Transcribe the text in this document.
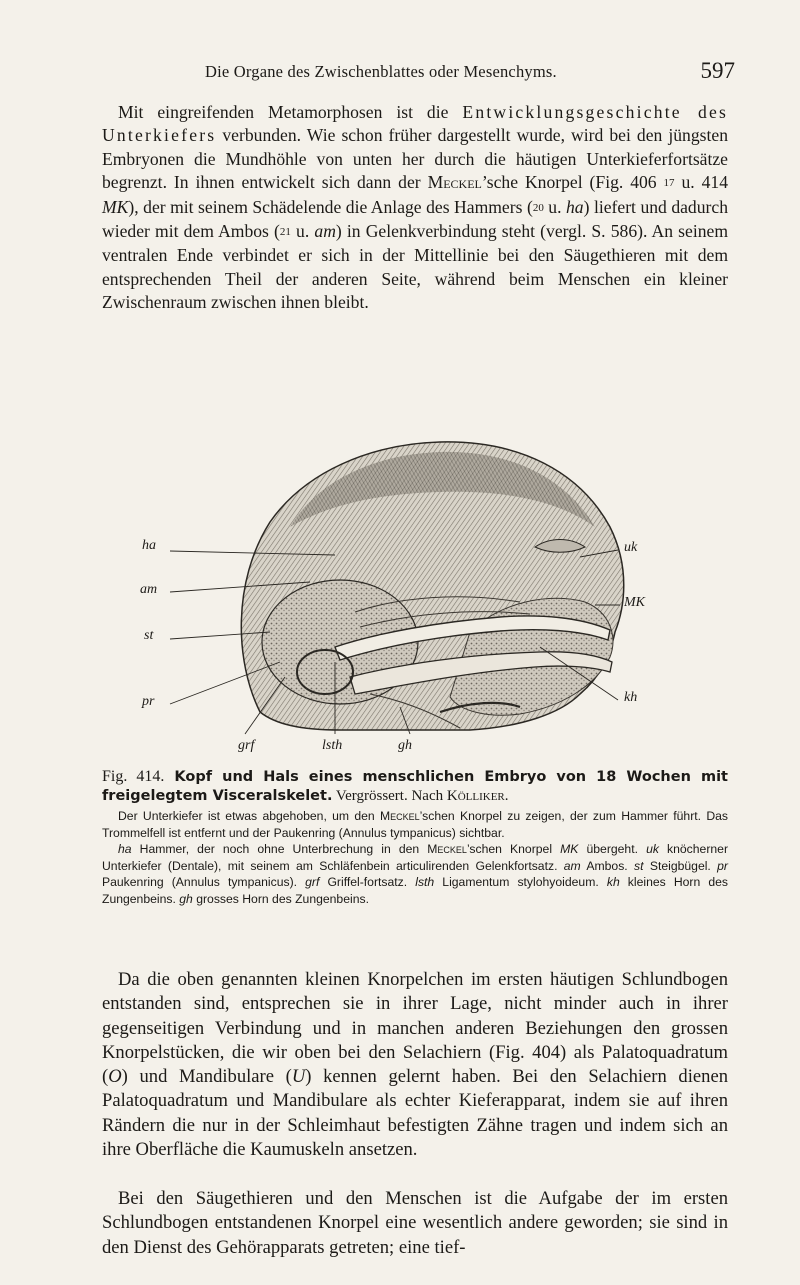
Die Organe des Zwischenblattes oder Mesenchyms.	597

Mit eingreifenden Metamorphosen ist die Entwicklungsgeschichte des Unterkiefers verbunden. Wie schon früher dargestellt wurde, wird bei den jüngsten Embryonen die Mundhöhle von unten her durch die häutigen Unterkieferfortsätze begrenzt. In ihnen entwickelt sich dann der Meckel’sche Knorpel (Fig. 406 17 u. 414 MK), der mit seinem Schädelende die Anlage des Hammers (20 u. ha) liefert und dadurch wieder mit dem Ambos (21 u. am) in Gelenkverbindung steht (vergl. S. 586). An seinem ventralen Ende verbindet er sich in der Mittellinie bei den Säugethieren mit dem entsprechenden Theil der anderen Seite, während beim Menschen ein kleiner Zwischenraum zwischen ihnen bleibt.

ha
am
st
pr
uk
MK
kh
grf	lsth	gh

Fig. 414. Kopf und Hals eines menschlichen Embryo von 18 Wochen mit freigelegtem Visceralskelet. Vergrössert. Nach Kölliker.

Der Unterkiefer ist etwas abgehoben, um den Meckel’schen Knorpel zu zeigen, der zum Hammer führt. Das Trommelfell ist entfernt und der Paukenring (Annulus tympanicus) sichtbar.

ha Hammer, der noch ohne Unterbrechung in den Meckel’schen Knorpel MK übergeht. uk knöcherner Unterkiefer (Dentale), mit seinem am Schläfenbein articulirenden Gelenkfortsatz. am Ambos. st Steigbügel. pr Paukenring (Annulus tympanicus). grf Griffel-fortsatz. lsth Ligamentum stylohyoideum. kh kleines Horn des Zungenbeins. gh grosses Horn des Zungenbeins.

Da die oben genannten kleinen Knorpelchen im ersten häutigen Schlundbogen entstanden sind, entsprechen sie in ihrer Lage, nicht minder auch in ihrer gegenseitigen Verbindung und in manchen anderen Beziehungen den grossen Knorpelstücken, die wir oben bei den Selachiern (Fig. 404) als Palatoquadratum (O) und Mandibulare (U) kennen gelernt haben. Bei den Selachiern dienen Palatoquadratum und Mandibulare als echter Kieferapparat, indem sie auf ihren Rändern die nur in der Schleimhaut befestigten Zähne tragen und indem sich an ihre Oberfläche die Kaumuskeln ansetzen.

Bei den Säugethieren und den Menschen ist die Aufgabe der im ersten Schlundbogen entstandenen Knorpel eine wesentlich andere geworden; sie sind in den Dienst des Gehörapparats getreten; eine tief-
